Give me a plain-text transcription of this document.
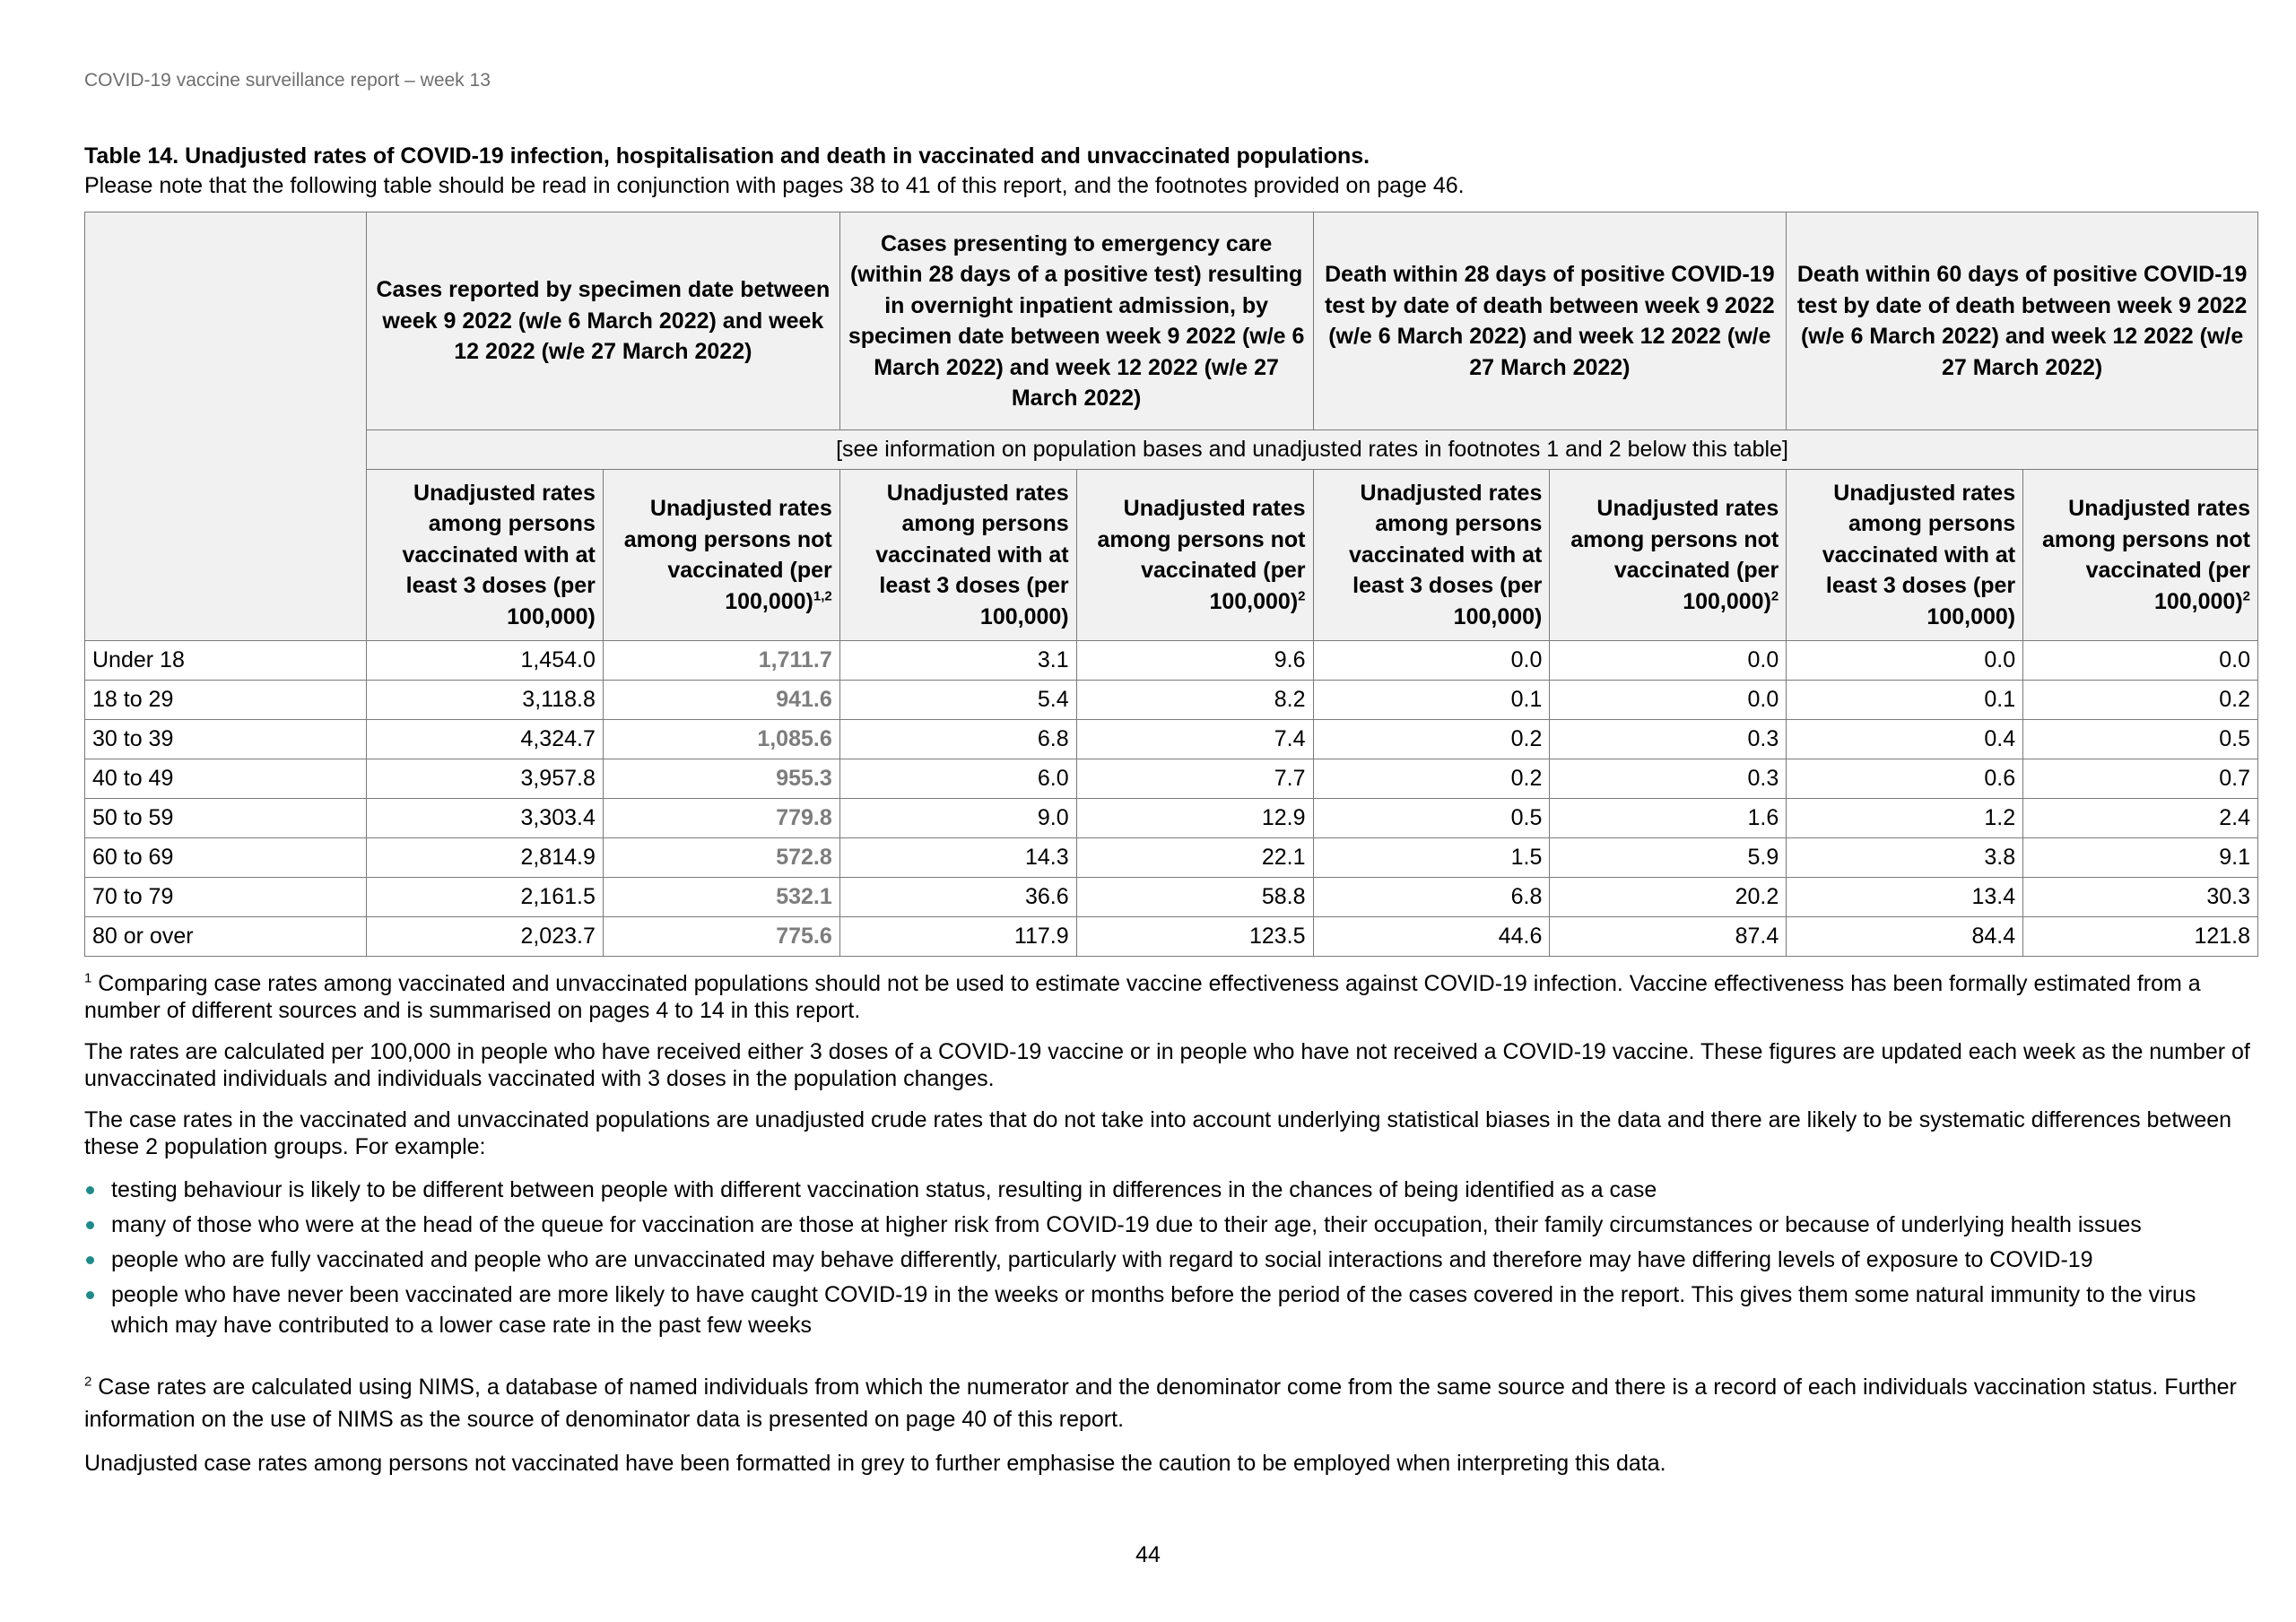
COVID-19 vaccine surveillance report – week 13
Table 14. Unadjusted rates of COVID-19 infection, hospitalisation and death in vaccinated and unvaccinated populations.
Please note that the following table should be read in conjunction with pages 38 to 41 of this report, and the footnotes provided on page 46.
	Cases reported by specimen date between week 9 2022 (w/e 6 March 2022) and week 12 2022 (w/e 27 March 2022)		Cases presenting to emergency care (within 28 days of a positive test) resulting in overnight inpatient admission, by specimen date between week 9 2022 (w/e 6 March 2022) and week 12 2022 (w/e 27 March 2022)		Death within 28 days of positive COVID-19 test by date of death between week 9 2022 (w/e 6 March 2022) and week 12 2022 (w/e 27 March 2022)		Death within 60 days of positive COVID-19 test by date of death between week 9 2022 (w/e 6 March 2022) and week 12 2022 (w/e 27 March 2022)	
	[see information on population bases and unadjusted rates in footnotes 1 and 2 below this table]							
	Unadjusted rates among persons vaccinated with at least 3 doses (per 100,000)	Unadjusted rates among persons not vaccinated (per 100,000)$^{1,2}$	Unadjusted rates among persons vaccinated with at least 3 doses (per 100,000)	Unadjusted rates among persons not vaccinated (per 100,000)$^2$	Unadjusted rates among persons vaccinated with at least 3 doses (per 100,000)	Unadjusted rates among persons not vaccinated (per 100,000)$^2$	Unadjusted rates among persons vaccinated with at least 3 doses (per 100,000)	Unadjusted rates among persons not vaccinated (per 100,000)$^2$
Under 18	1,454.0	1,711.7	3.1	9.6	0.0	0.0	0.0	0.0
18 to 29	3,118.8	941.6	5.4	8.2	0.1	0.0	0.1	0.2
30 to 39	4,324.7	1,085.6	6.8	7.4	0.2	0.3	0.4	0.5
40 to 49	3,957.8	955.3	6.0	7.7	0.2	0.3	0.6	0.7
50 to 59	3,303.4	779.8	9.0	12.9	0.5	1.6	1.2	2.4
60 to 69	2,814.9	572.8	14.3	22.1	1.5	5.9	3.8	9.1
70 to 79	2,161.5	532.1	36.6	58.8	6.8	20.2	13.4	30.3
80 or over	2,023.7	775.6	117.9	123.5	44.6	87.4	84.4	121.8

$^1$ Comparing case rates among vaccinated and unvaccinated populations should not be used to estimate vaccine effectiveness against COVID-19 infection. Vaccine effectiveness has been formally estimated from a number of different sources and is summarised on pages 4 to 14 in this report.

The rates are calculated per 100,000 in people who have received either 3 doses of a COVID-19 vaccine or in people who have not received a COVID-19 vaccine. These figures are updated each week as the number of unvaccinated individuals and individuals vaccinated with 3 doses in the population changes.

The case rates in the vaccinated and unvaccinated populations are unadjusted crude rates that do not take into account underlying statistical biases in the data and there are likely to be systematic differences between these 2 population groups. For example:

testing behaviour is likely to be different between people with different vaccination status, resulting in differences in the chances of being identified as a case
many of those who were at the head of the queue for vaccination are those at higher risk from COVID-19 due to their age, their occupation, their family circumstances or because of underlying health issues
people who are fully vaccinated and people who are unvaccinated may behave differently, particularly with regard to social interactions and therefore may have differing levels of exposure to COVID-19
people who have never been vaccinated are more likely to have caught COVID-19 in the weeks or months before the period of the cases covered in the report. This gives them some natural immunity to the virus which may have contributed to a lower case rate in the past few weeks

$^2$ Case rates are calculated using NIMS, a database of named individuals from which the numerator and the denominator come from the same source and there is a record of each individuals vaccination status. Further information on the use of NIMS as the source of denominator data is presented on page 40 of this report.

Unadjusted case rates among persons not vaccinated have been formatted in grey to further emphasise the caution to be employed when interpreting this data.

44
